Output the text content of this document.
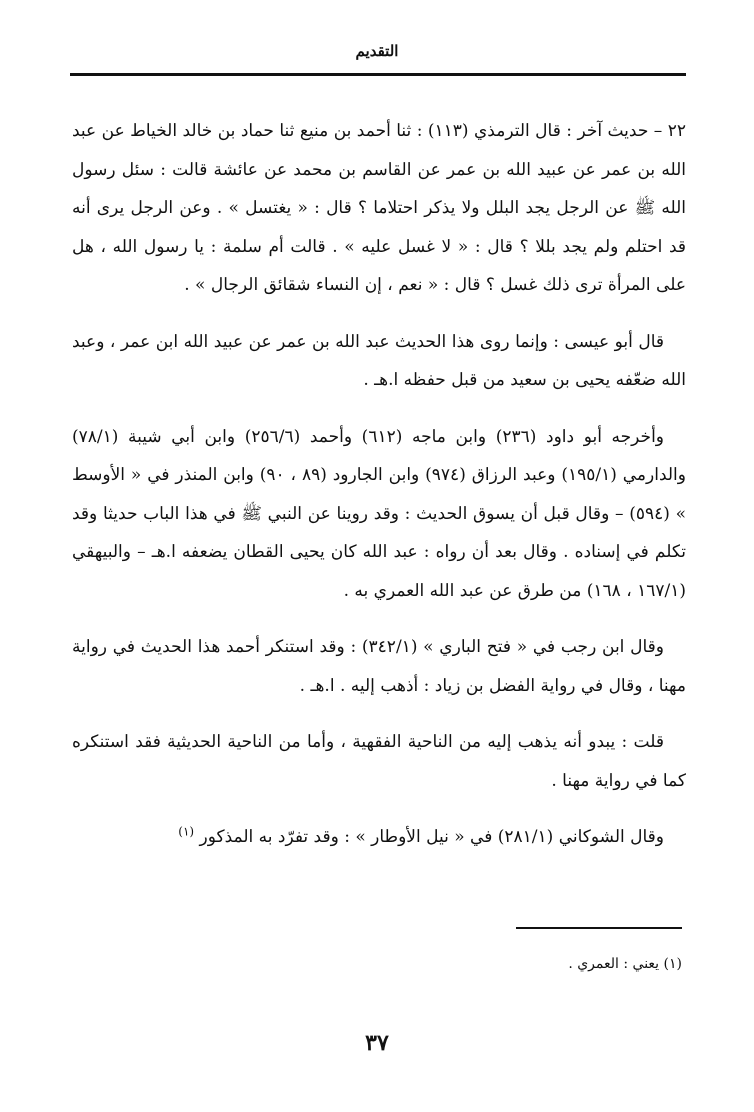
التقديم

٢٢ – حديث آخر : قال الترمذي (١١٣) : ثنا أحمد بن منيع ثنا حماد بن خالد الخياط عن عبد الله بن عمر عن عبيد الله بن عمر عن القاسم بن محمد عن عائشة قالت : سئل رسول الله ﷺ عن الرجل يجد البلل ولا يذكر احتلاما ؟ قال : « يغتسل » . وعن الرجل يرى أنه قد احتلم ولم يجد بللا ؟ قال : « لا غسل عليه » . قالت أم سلمة : يا رسول الله ، هل على المرأة ترى ذلك غسل ؟ قال : « نعم ، إن النساء شقائق الرجال » .

قال أبو عيسى : وإنما روى هذا الحديث عبد الله بن عمر عن عبيد الله ابن عمر ، وعبد الله ضعّفه يحيى بن سعيد من قبل حفظه ا.هـ .

وأخرجه أبو داود (٢٣٦) وابن ماجه (٦١٢) وأحمد (٢٥٦/٦) وابن أبي شيبة (٧٨/١) والدارمي (١٩٥/١) وعبد الرزاق (٩٧٤) وابن الجارود (٨٩ ، ٩٠) وابن المنذر في « الأوسط » (٥٩٤) – وقال قبل أن يسوق الحديث : وقد روينا عن النبي ﷺ في هذا الباب حديثا وقد تكلم في إسناده . وقال بعد أن رواه : عبد الله كان يحيى القطان يضعفه ا.هـ – والبيهقي (١٦٧/١ ، ١٦٨) من طرق عن عبد الله العمري به .

وقال ابن رجب في « فتح الباري » (٣٤٢/١) : وقد استنكر أحمد هذا الحديث في رواية مهنا ، وقال في رواية الفضل بن زياد : أذهب إليه . ا.هـ .

قلت : يبدو أنه يذهب إليه من الناحية الفقهية ، وأما من الناحية الحديثية فقد استنكره كما في رواية مهنا .

وقال الشوكاني (٢٨١/١) في « نيل الأوطار » : وقد تفرّد به المذكور $^{(١)}$

(١) يعني : العمري .
٣٧
